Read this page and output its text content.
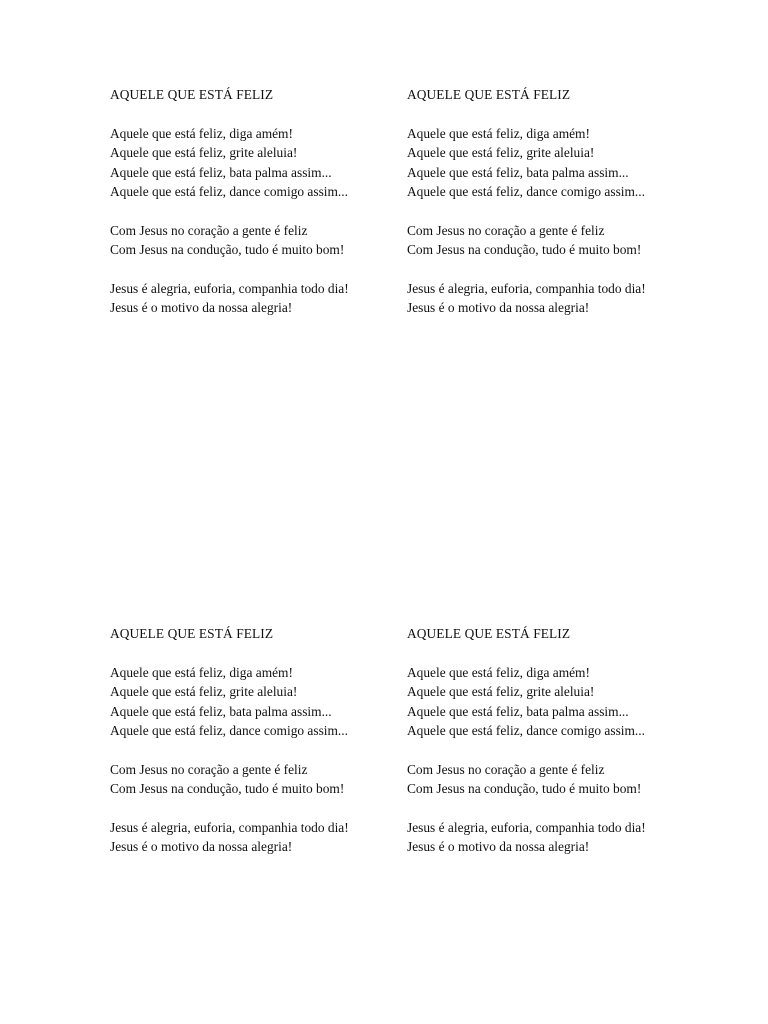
AQUELE QUE ESTÁ FELIZ
Aquele que está feliz, diga amém!
Aquele que está feliz, grite aleluia!
Aquele que está feliz, bata palma assim...
Aquele que está feliz, dance comigo assim...
Com Jesus no coração a gente é feliz
Com Jesus na condução, tudo é muito bom!
Jesus é alegria, euforia, companhia todo dia!
Jesus é o motivo da nossa alegria!
AQUELE QUE ESTÁ FELIZ
Aquele que está feliz, diga amém!
Aquele que está feliz, grite aleluia!
Aquele que está feliz, bata palma assim...
Aquele que está feliz, dance comigo assim...
Com Jesus no coração a gente é feliz
Com Jesus na condução, tudo é muito bom!
Jesus é alegria, euforia, companhia todo dia!
Jesus é o motivo da nossa alegria!
AQUELE QUE ESTÁ FELIZ
Aquele que está feliz, diga amém!
Aquele que está feliz, grite aleluia!
Aquele que está feliz, bata palma assim...
Aquele que está feliz, dance comigo assim...
Com Jesus no coração a gente é feliz
Com Jesus na condução, tudo é muito bom!
Jesus é alegria, euforia, companhia todo dia!
Jesus é o motivo da nossa alegria!
AQUELE QUE ESTÁ FELIZ
Aquele que está feliz, diga amém!
Aquele que está feliz, grite aleluia!
Aquele que está feliz, bata palma assim...
Aquele que está feliz, dance comigo assim...
Com Jesus no coração a gente é feliz
Com Jesus na condução, tudo é muito bom!
Jesus é alegria, euforia, companhia todo dia!
Jesus é o motivo da nossa alegria!
